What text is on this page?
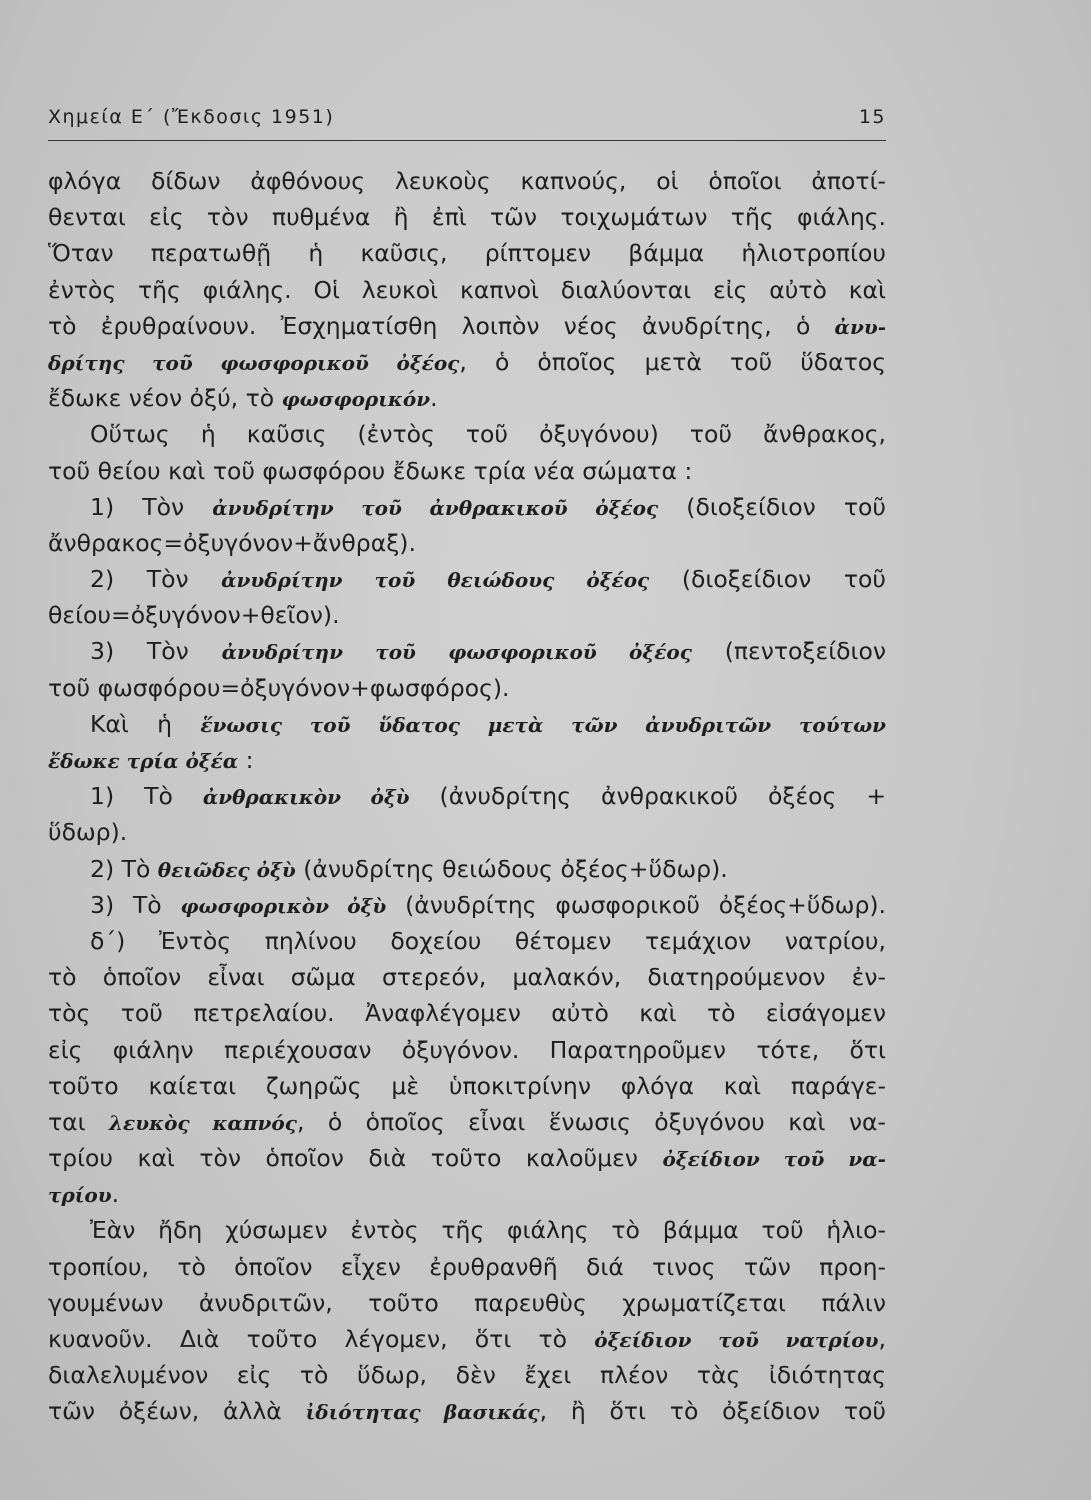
Χημεία Ε΄ (Ἔκδοσις 1951)	15
φλόγα δίδων ἀφθόνους λευκοὺς καπνούς, οἱ ὁποῖοι ἀποτί-
θενται εἰς τὸν πυθμένα ἢ ἐπὶ τῶν τοιχωμάτων τῆς φιάλης.
Ὅταν περατωθῇ ἡ καῦσις, ρίπτομεν βάμμα ἡλιοτροπίου
ἐντὸς τῆς φιάλης. Οἱ λευκοὶ καπνοὶ διαλύονται εἰς αὐτὸ καὶ
τὸ ἐρυθραίνουν. Ἐσχηματίσθη λοιπὸν νέος ἀνυδρίτης, ὁ ἀνυ-
δρίτης τοῦ φωσφορικοῦ ὀξέος, ὁ ὁποῖος μετὰ τοῦ ὕδατος
ἔδωκε νέον ὀξύ, τὸ φωσφορικόν.
Οὕτως ἡ καῦσις (ἐντὸς τοῦ ὀξυγόνου) τοῦ ἄνθρακος,
τοῦ θείου καὶ τοῦ φωσφόρου ἔδωκε τρία νέα σώματα :
1) Τὸν ἀνυδρίτην τοῦ ἀνθρακικοῦ ὀξέος (διοξείδιον τοῦ
ἄνθρακος=ὀξυγόνον+ἄνθραξ).
2) Τὸν ἀνυδρίτην τοῦ θειώδους ὀξέος (διοξείδιον τοῦ
θείου=ὀξυγόνον+θεῖον).
3) Τὸν ἀνυδρίτην τοῦ φωσφορικοῦ ὀξέος (πεντοξείδιον
τοῦ φωσφόρου=ὀξυγόνον+φωσφόρος).
Καὶ ἡ ἕνωσις τοῦ ὕδατος μετὰ τῶν ἀνυδριτῶν τούτων
ἔδωκε τρία ὀξέα :
1) Τὸ ἀνθρακικὸν ὀξὺ (ἀνυδρίτης ἀνθρακικοῦ ὀξέος +
ὕδωρ).
2) Τὸ θειῶδες ὀξὺ (ἀνυδρίτης θειώδους ὀξέος+ὕδωρ).
3) Τὸ φωσφορικὸν ὀξὺ (ἀνυδρίτης φωσφορικοῦ ὀξέος+ὕδωρ).
δ΄) Ἐντὸς πηλίνου δοχείου θέτομεν τεμάχιον νατρίου,
τὸ ὁποῖον εἶναι σῶμα στερεόν, μαλακόν, διατηρούμενον ἐν-
τὸς τοῦ πετρελαίου. Ἀναφλέγομεν αὐτὸ καὶ τὸ εἰσάγομεν
εἰς φιάλην περιέχουσαν ὀξυγόνον. Παρατηροῦμεν τότε, ὅτι
τοῦτο καίεται ζωηρῶς μὲ ὑποκιτρίνην φλόγα καὶ παράγε-
ται λευκὸς καπνός, ὁ ὁποῖος εἶναι ἕνωσις ὀξυγόνου καὶ να-
τρίου καὶ τὸν ὁποῖον διὰ τοῦτο καλοῦμεν ὀξείδιον τοῦ να-
τρίου.
Ἐὰν ἤδη χύσωμεν ἐντὸς τῆς φιάλης τὸ βάμμα τοῦ ἡλιο-
τροπίου, τὸ ὁποῖον εἶχεν ἐρυθρανθῆ διά τινος τῶν προη-
γουμένων ἀνυδριτῶν, τοῦτο παρευθὺς χρωματίζεται πάλιν
κυανοῦν. Διὰ τοῦτο λέγομεν, ὅτι τὸ ὀξείδιον τοῦ νατρίου,
διαλελυμένον εἰς τὸ ὕδωρ, δὲν ἔχει πλέον τὰς ἰδιότητας
τῶν ὀξέων, ἀλλὰ ἰδιότητας βασικάς, ἢ ὅτι τὸ ὀξείδιον τοῦ
